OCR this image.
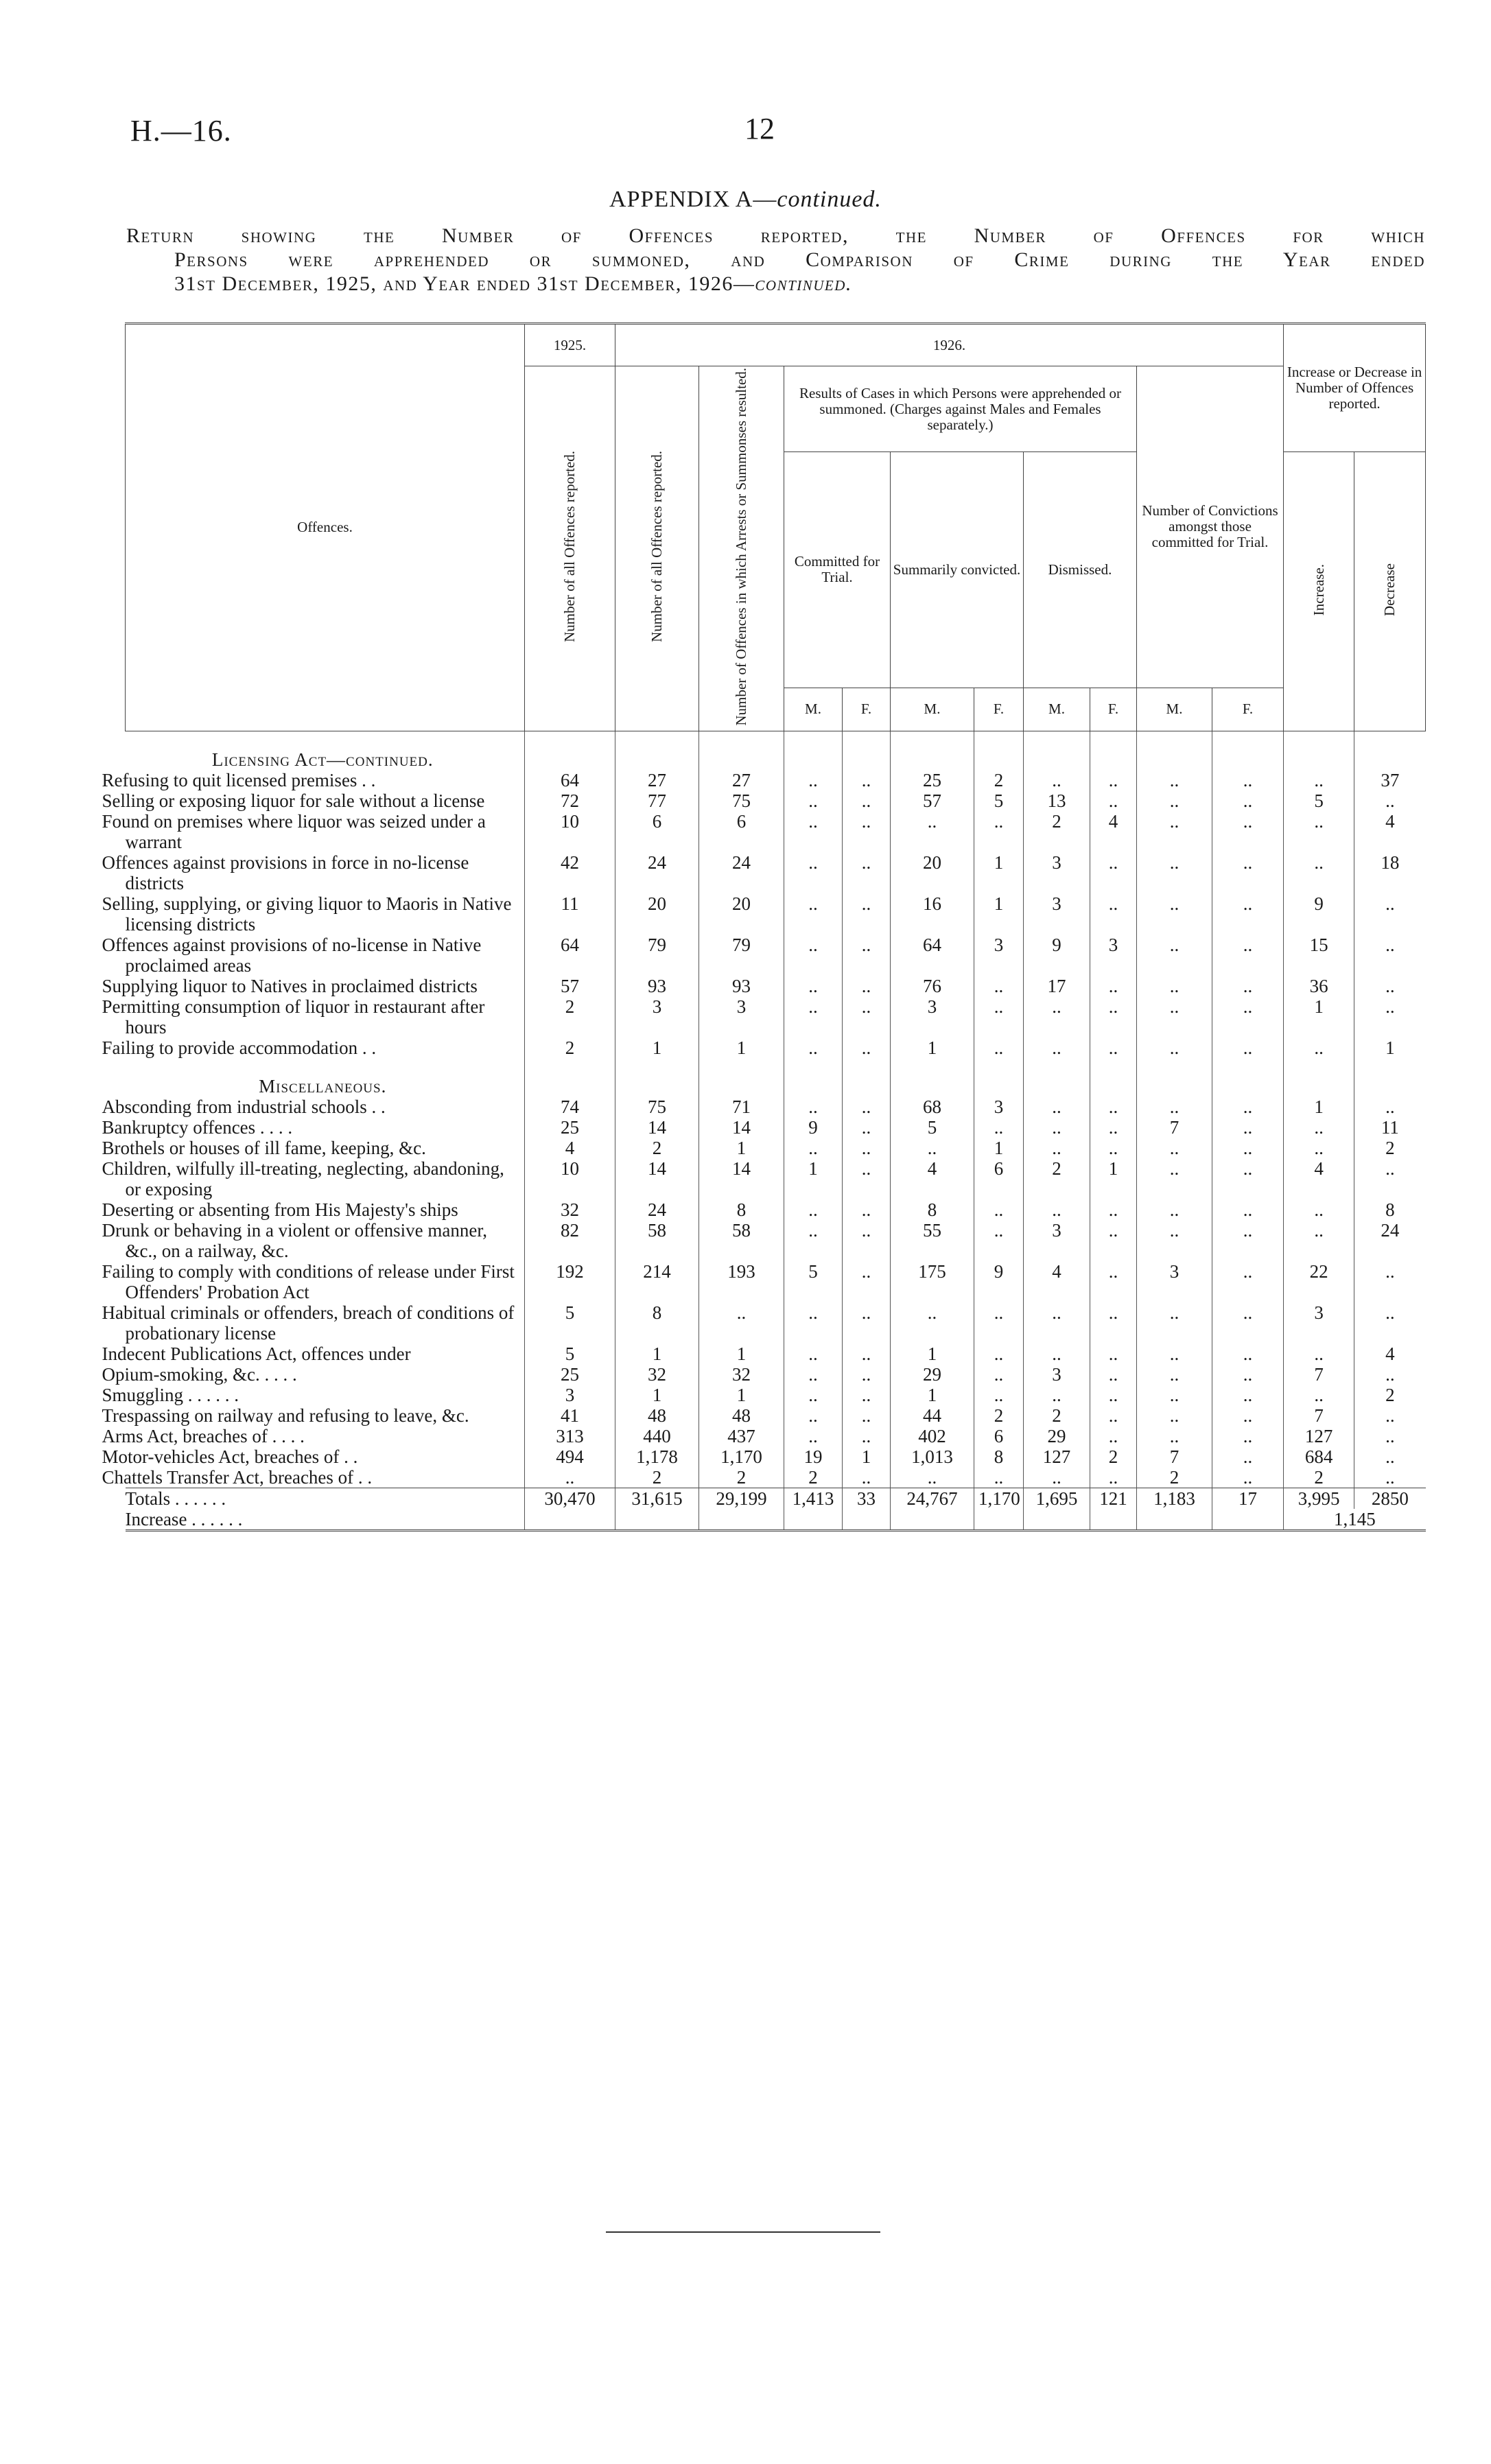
H.—16.	12
APPENDIX A—continued.
Return showing the Number of Offences reported, the Number of Offences for which
Persons were apprehended or summoned, and Comparison of Crime during the Year ended
31st December, 1925, and Year ended 31st December, 1926—continued.
Offences.	1925.	1926.										Increase or Decrease in Number of Offences reported.	
	Number of all Offences reported.	Number of all Offences reported.	Number of Offences in which Arrests or Summonses resulted.	Results of Cases in which Persons were apprehended or summoned. (Charges against Males and Females separately.)						Number of Convictions amongst those committed for Trial.			
				Committed for Trial.		Summarily convicted.		Dismissed.				Increase.	Decrease
				M.	F.	M.	F.	M.	F.	M.	F.		
Licensing Act—continued.													
Refusing to quit licensed premises . .	64	27	27	..	..	25	2	..	..	..	..	..	37
Selling or exposing liquor for sale without a license	72	77	75	..	..	57	5	13	..	..	..	5	..
Found on premises where liquor was seized under a warrant	10	6	6	..	..	..	..	2	4	..	..	..	4
Offences against provisions in force in no-license districts	42	24	24	..	..	20	1	3	..	..	..	..	18
Selling, supplying, or giving liquor to Maoris in Native licensing districts	11	20	20	..	..	16	1	3	..	..	..	9	..
Offences against provisions of no-license in Native proclaimed areas	64	79	79	..	..	64	3	9	3	..	..	15	..
Supplying liquor to Natives in proclaimed districts	57	93	93	..	..	76	..	17	..	..	..	36	..
Permitting consumption of liquor in restaurant after hours	2	3	3	..	..	3	..	..	..	..	..	1	..
Failing to provide accommodation . .	2	1	1	..	..	1	..	..	..	..	..	..	1
Miscellaneous.													
Absconding from industrial schools . .	74	75	71	..	..	68	3	..	..	..	..	1	..
Bankruptcy offences . . . .	25	14	14	9	..	5	..	..	..	7	..	..	11
Brothels or houses of ill fame, keeping, &c.	4	2	1	..	..	..	1	..	..	..	..	..	2
Children, wilfully ill-treating, neglecting, abandoning, or exposing	10	14	14	1	..	4	6	2	1	..	..	4	..
Deserting or absenting from His Majesty's ships	32	24	8	..	..	8	..	..	..	..	..	..	8
Drunk or behaving in a violent or offensive manner, &c., on a railway, &c.	82	58	58	..	..	55	..	3	..	..	..	..	24
Failing to comply with conditions of release under First Offenders' Probation Act	192	214	193	5	..	175	9	4	..	3	..	22	..
Habitual criminals or offenders, breach of conditions of probationary license	5	8	..	..	..	..	..	..	..	..	..	3	..
Indecent Publications Act, offences under	5	1	1	..	..	1	..	..	..	..	..	..	4
Opium-smoking, &c. . . . .	25	32	32	..	..	29	..	3	..	..	..	7	..
Smuggling . . . . . .	3	1	1	..	..	1	..	..	..	..	..	..	2
Trespassing on railway and refusing to leave, &c.	41	48	48	..	..	44	2	2	..	..	..	7	..
Arms Act, breaches of . . . .	313	440	437	..	..	402	6	29	..	..	..	127	..
Motor-vehicles Act, breaches of . .	494	1,178	1,170	19	1	1,013	8	127	2	7	..	684	..
Chattels Transfer Act, breaches of . .	..	2	2	2	..	..	..	..	..	2	..	2	..
Totals . . . . . .	30,470	31,615	29,199	1,413	33	24,767	1,170	1,695	121	1,183	17	3,995	2850
Increase . . . . . .												1,145	
